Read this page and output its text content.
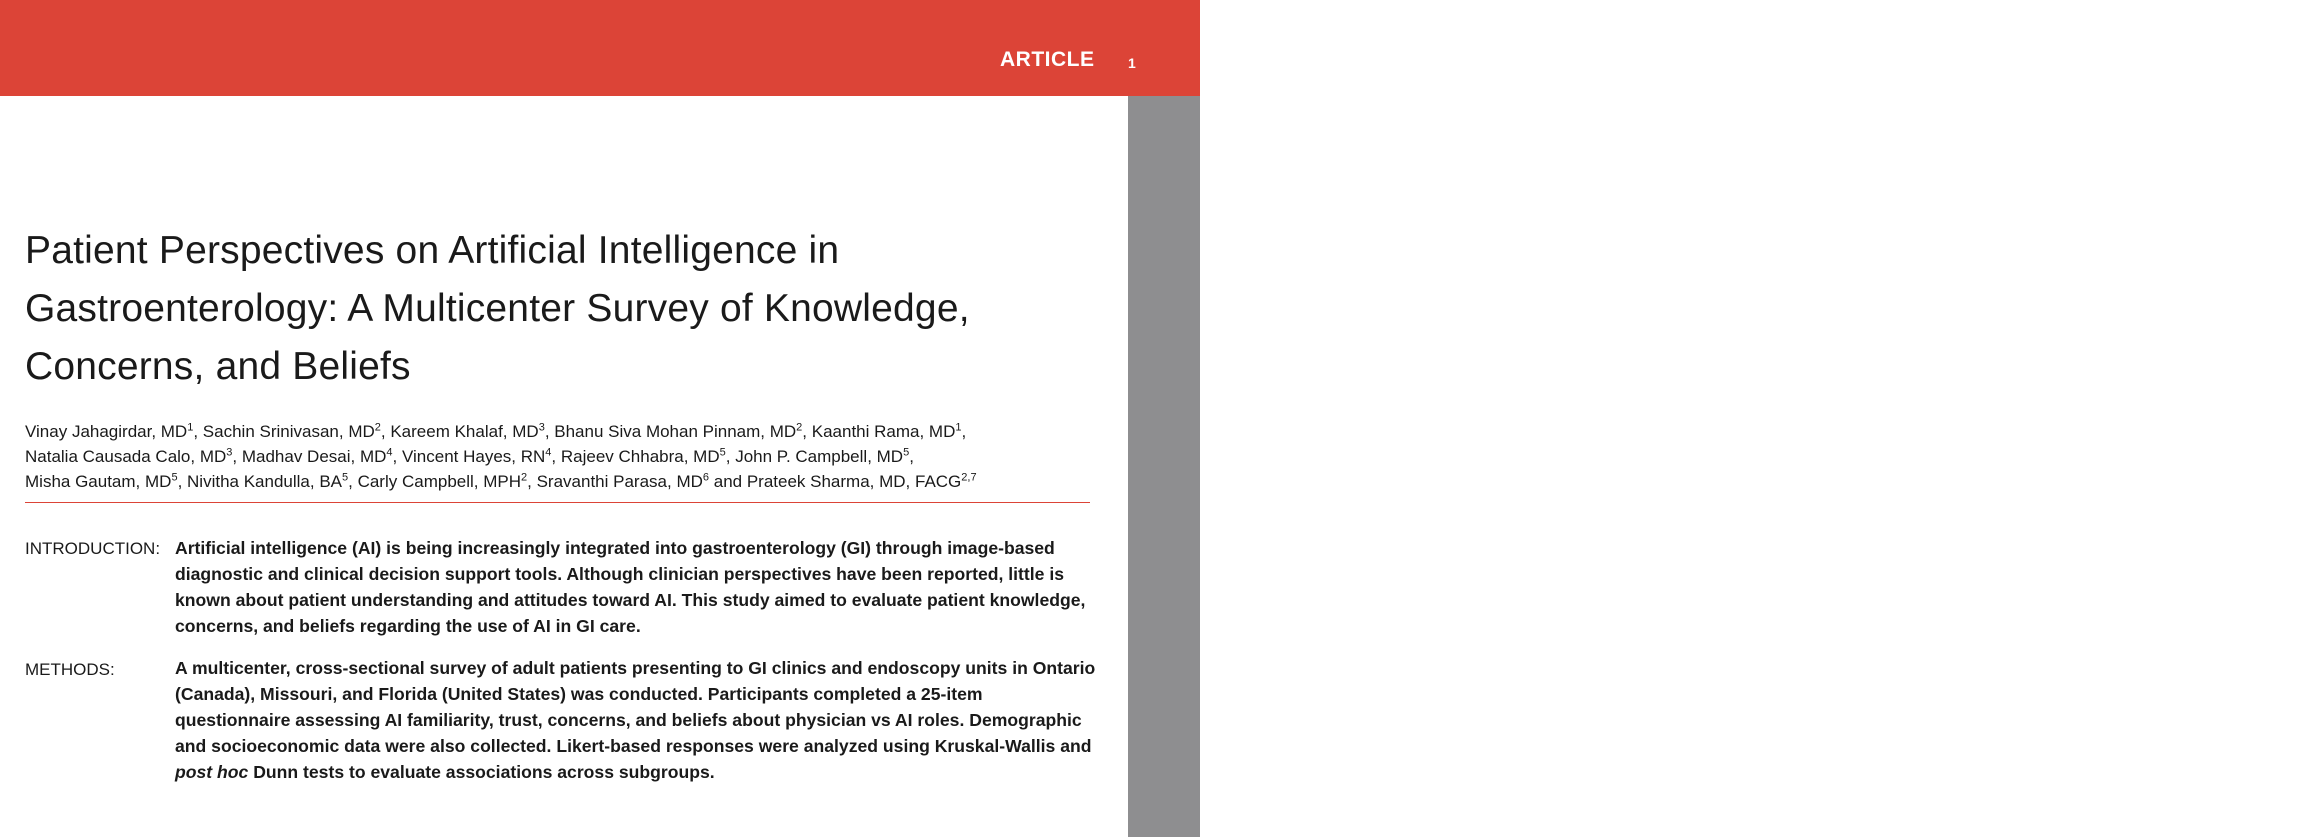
ARTICLE 1
GENERAL GI
Patient Perspectives on Artificial Intelligence in Gastroenterology: A Multicenter Survey of Knowledge, Concerns, and Beliefs
Vinay Jahagirdar, $MD^1$, Sachin Srinivasan, $MD^2$, Kareem Khalaf, $MD^3$, Bhanu Siva Mohan Pinnam, $MD^2$, Kaanthi Rama, $MD^1$,
Natalia Causada Calo, $MD^3$, Madhav Desai, $MD^4$, Vincent Hayes, $RN^4$, Rajeev Chhabra, $MD^5$, John P. Campbell, $MD^5$,
Misha Gautam, $MD^5$, Nivitha Kandulla, $BA^5$, Carly Campbell, MPH$^2$, Sravanthi Parasa, $MD^6$ and Prateek Sharma, MD, FACG$^{2,7}$
INTRODUCTION: Artificial intelligence (AI) is being increasingly integrated into gastroenterology (GI) through image-based diagnostic and clinical decision support tools. Although clinician perspectives have been reported, little is known about patient understanding and attitudes toward AI. This study aimed to evaluate patient knowledge, concerns, and beliefs regarding the use of AI in GI care.
METHODS:	A multicenter, cross-sectional survey of adult patients presenting to GI clinics and endoscopy units in Ontario (Canada), Missouri, and Florida (United States) was conducted. Participants completed a 25-item questionnaire assessing AI familiarity, trust, concerns, and beliefs about physician vs AI roles. Demographic and socioeconomic data were also collected. Likert-based responses were analyzed using Kruskal-Wallis and post hoc Dunn tests to evaluate associations across subgroups.
